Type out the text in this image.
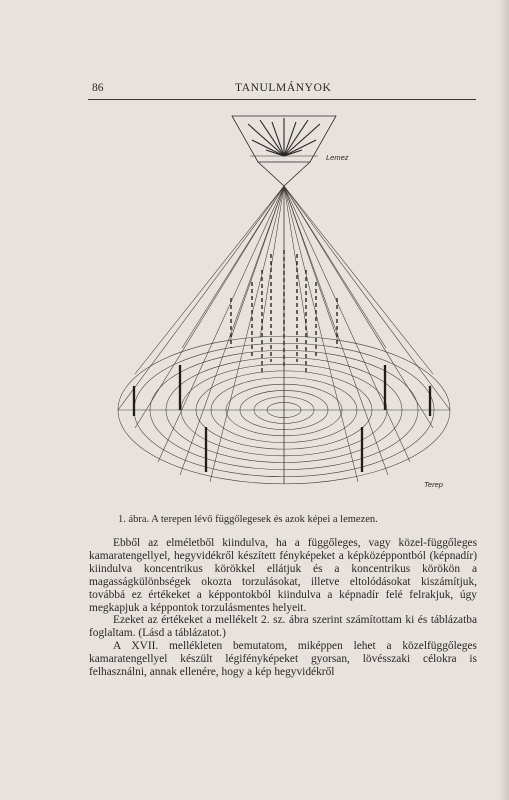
86	TANULMÁNYOK
Lemez
Terep
1. ábra. A terepen lévő függőlegesek és azok képei a lemezen.

Ebből az elméletből kiindulva, ha a függőleges, vagy közel-függőleges kamaratengellyel, hegyvidékről készített fényképeket a képközéppontból (képnadír) kiindulva koncentrikus körökkel ellátjuk és a koncentrikus körökön a magasságkülönbségek okozta torzulásokat, illetve eltolódásokat kiszámítjuk, továbbá ez értékeket a képpontokból kiindulva a képnadír felé felrakjuk, úgy megkapjuk a képpontok torzulásmentes helyeit.

Ezeket az értékeket a mellékelt 2. sz. ábra szerint számítottam ki és táblázatba foglaltam. (Lásd a táblázatot.)

A XVII. mellékleten bemutatom, miképpen lehet a közelfüggőleges kamaratengellyel készült légifényképeket gyorsan, lövésszaki célokra is felhasználni, annak ellenére, hogy a kép hegyvidékről
